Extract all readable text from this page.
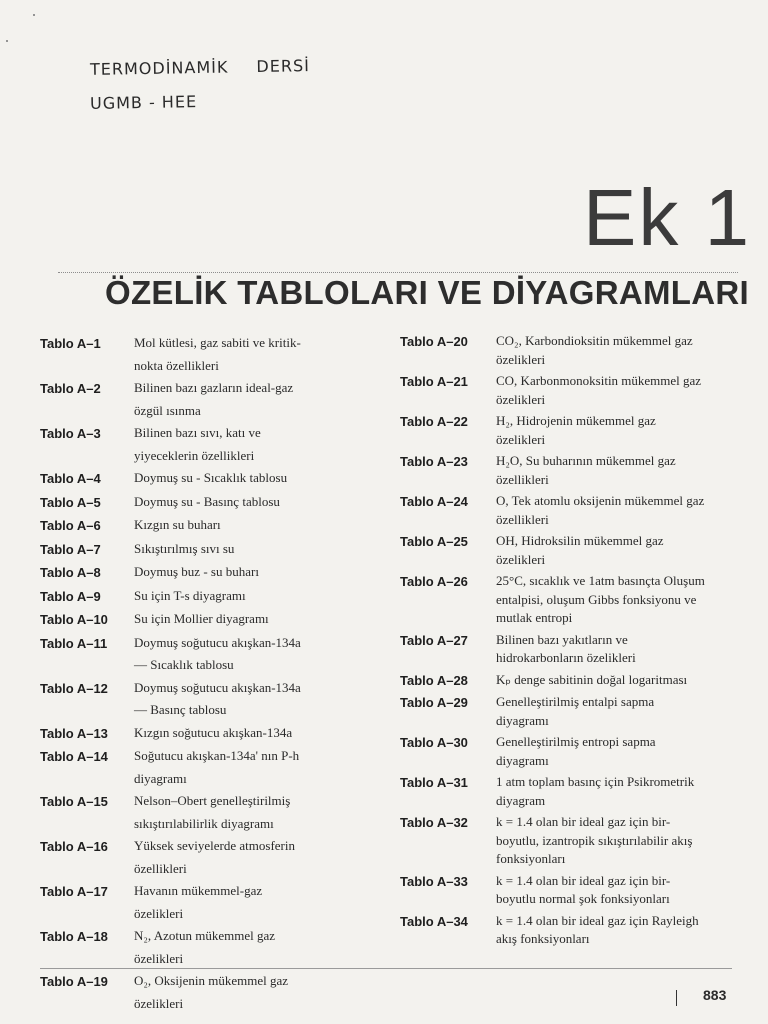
TERMODİNAMİK DERSİ
UGMB - HEE
Ek 1
ÖZELİK TABLOLARI VE DİYAGRAMLARI
Tablo A–1	Mol kütlesi, gaz sabiti ve kritik-nokta özellikleri
Tablo A–2	Bilinen bazı gazların ideal-gaz özgül ısınma
Tablo A–3	Bilinen bazı sıvı, katı ve yiyeceklerin özellikleri
Tablo A–4	Doymuş su - Sıcaklık tablosu
Tablo A–5	Doymuş su - Basınç tablosu
Tablo A–6	Kızgın su buharı
Tablo A–7	Sıkıştırılmış sıvı su
Tablo A–8	Doymuş buz - su buharı
Tablo A–9	Su için T-s diyagramı
Tablo A–10	Su için Mollier diyagramı
Tablo A–11	Doymuş soğutucu akışkan-134a— Sıcaklık tablosu
Tablo A–12	Doymuş soğutucu akışkan-134a— Basınç tablosu
Tablo A–13	Kızgın soğutucu akışkan-134a
Tablo A–14	Soğutucu akışkan-134a' nın P-h diyagramı
Tablo A–15	Nelson–Obert genelleştirilmiş sıkıştırılabilirlik diyagramı
Tablo A–16	Yüksek seviyelerde atmosferin özellikleri
Tablo A–17	Havanın mükemmel-gaz özelikleri
Tablo A–18	N₂, Azotun mükemmel gaz özelikleri
Tablo A–19	O₂, Oksijenin mükemmel gaz özelikleri
Tablo A–20	CO₂, Karbondioksitin mükemmel gaz özelikleri
Tablo A–21	CO, Karbonmonoksitin mükemmel gaz özelikleri
Tablo A–22	H₂, Hidrojenin mükemmel gaz özelikleri
Tablo A–23	H₂O, Su buharının mükemmel gaz özellikleri
Tablo A–24	O, Tek atomlu oksijenin mükemmel gaz özellikleri
Tablo A–25	OH, Hidroksilin mükemmel gaz özelikleri
Tablo A–26	25°C, sıcaklık ve 1atm basınçta Oluşum entalpisi, oluşum Gibbs fonksiyonu ve mutlak entropi
Tablo A–27	Bilinen bazı yakıtların ve hidrokarbonların özelikleri
Tablo A–28	Kₚ denge sabitinin doğal logaritması
Tablo A–29	Genelleştirilmiş entalpi sapma diyagramı
Tablo A–30	Genelleştirilmiş entropi sapma diyagramı
Tablo A–31	1 atm toplam basınç için Psikrometrik diyagram
Tablo A–32	k = 1.4 olan bir ideal gaz için bir-boyutlu, izantropik sıkıştırılabilir akış fonksiyonları
Tablo A–33	k = 1.4 olan bir ideal gaz için bir-boyutlu normal şok fonksiyonları
Tablo A–34	k = 1.4 olan bir ideal gaz için Rayleigh akış fonksiyonları
883
